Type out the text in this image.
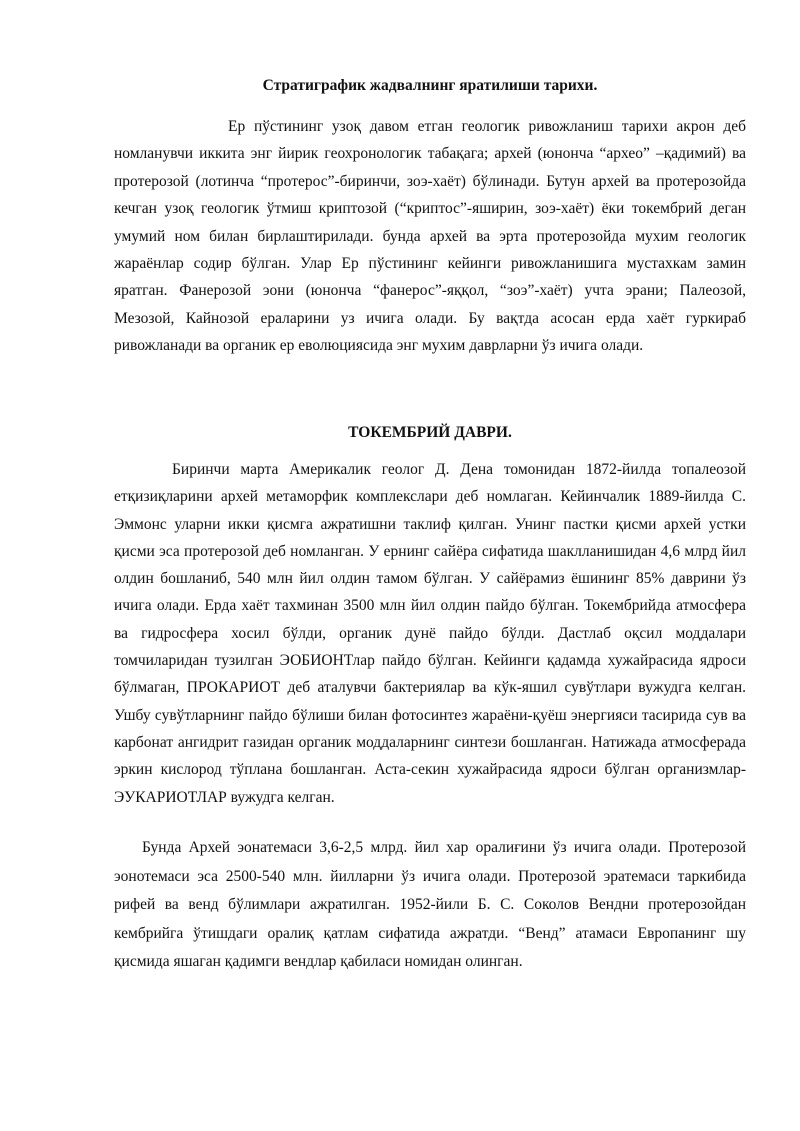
Стратиграфик жадвалнинг яратилиши тарихи.

Ер пўстининг узоқ давом етган геологик ривожланиш тарихи акрон деб номланувчи иккита энг йирик геохронологик табақага; архей (юнонча “архео” –қадимий) ва протерозой (лотинча “протерос”-биринчи, зоэ-хаёт) бўлинади. Бутун архей ва протерозойда кечган узоқ геологик ўтмиш криптозой (“криптос”-яширин, зоэ-хаёт) ёки токембрий деган умумий ном билан бирлаштирилади. бунда архей ва эрта протерозойда мухим геологик жараёнлар содир бўлган. Улар Ер пўстининг кейинги ривожланишига мустахкам замин яратган. Фанерозой эони (юнонча “фанерос”-яққол, “зоэ”-хаёт) учта эрани; Палеозой, Мезозой, Кайнозой eраларини уз ичига олади. Бу вақтда асосан ерда хаёт гуркираб ривожланади ва органик ер еволюциясида энг мухим даврларни ўз ичига олади.

ТОКЕМБРИЙ ДАВРИ.

Биринчи марта Америкалик геолог Д. Дена томонидан 1872-йилда топалеозой етқизиқларини архей метаморфик комплекслари деб номлаган. Кейинчалик 1889-йилда С. Эммонс уларни икки қисмга ажратишни таклиф қилган. Унинг пастки қисми архей устки қисми эса протерозой деб номланган. У ернинг сайёра сифатида шаклланишидан 4,6 млрд йил олдин бошланиб, 540 млн йил олдин тамом бўлган. У сайёрамиз ёшининг 85% даврини ўз ичига олади. Ерда хаёт тахминан 3500 млн йил олдин пайдо бўлган. Токембрийда атмосфера ва гидросфера хосил бўлди, органик дунё пайдо бўлди. Дастлаб оқсил моддалари томчиларидан тузилган ЭОБИОНТлар пайдо бўлган. Кейинги қадамда хужайрасида ядроси бўлмаган, ПРОКАРИОТ деб аталувчи бактериялар ва кўк-яшил сувўтлари вужудга келган. Ушбу сувўтларнинг пайдо бўлиши билан фотосинтез жараёни-қуёш энергияси тасирида сув ва карбонат ангидрит газидан органик моддаларнинг синтези бошланган. Натижада атмосферада эркин кислород тўплана бошланган. Аста-секин хужайрасида ядроси бўлган организмлар- ЭУКАРИОТЛАР вужудга келган.

Бунда Архей эонатемаси 3,6-2,5 млрд. йил хар оралиғини ўз ичига олади. Протерозой эонотемаси эса 2500-540 млн. йилларни ўз ичига олади. Протерозой эратемаси таркибида рифей ва венд бўлимлари ажратилган. 1952-йили Б. С. Соколов Вендни протерозойдан кембрийга ўтишдаги оралиқ қатлам сифатида ажратди. “Венд” атамаси Европанинг шу қисмида яшаган қадимги вендлар қабиласи номидан олинган.
